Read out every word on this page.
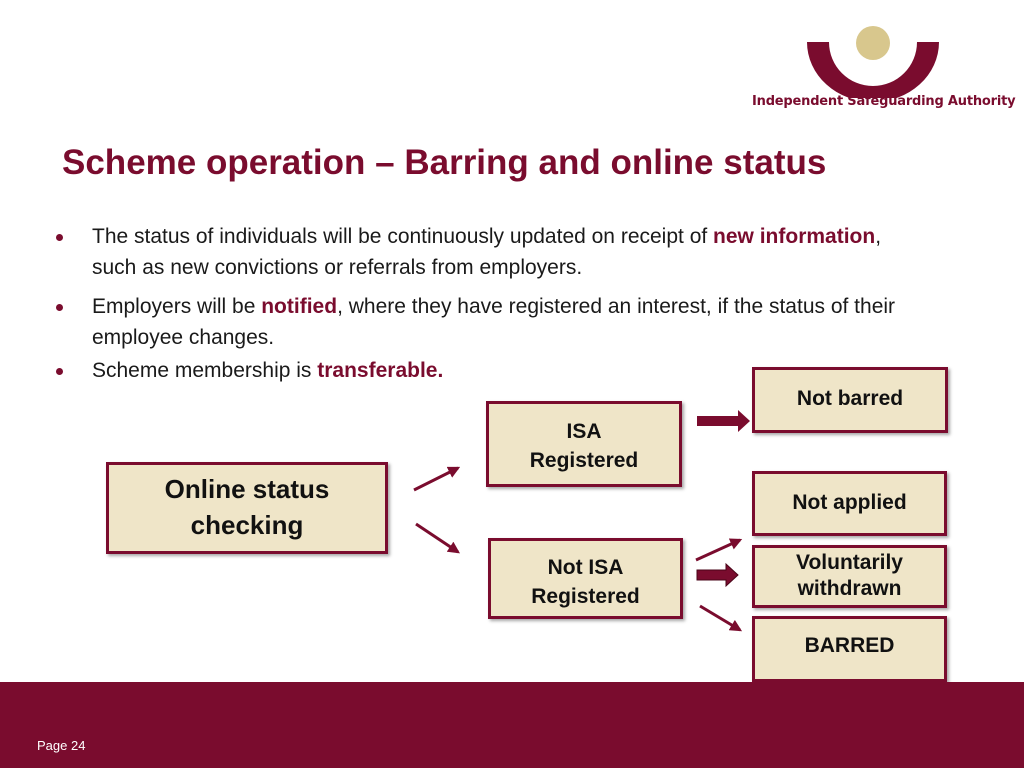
Independent Safeguarding Authority
Scheme operation – Barring and online status
The status of individuals will be continuously updated on receipt of new information, such as new convictions or referrals from employers.
Employers will be notified, where they have registered an interest, if the status of their employee changes.
Scheme membership is transferable.
Online status
checking
ISA
Registered
Not ISA
Registered
Not barred
Not applied
Voluntarily
withdrawn
BARRED
Page 24
